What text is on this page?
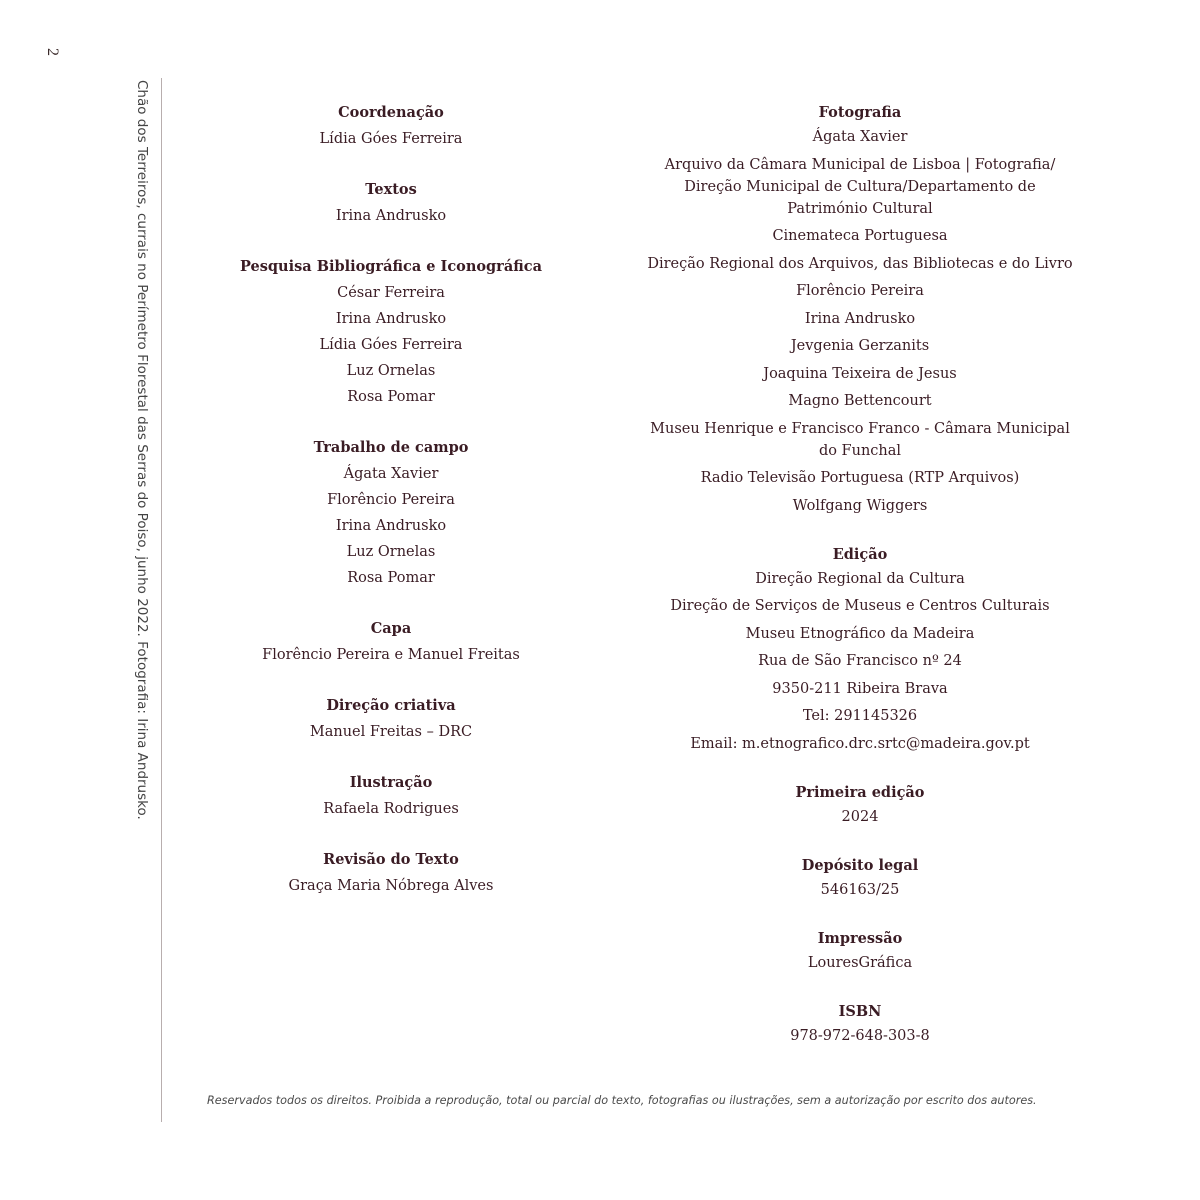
2
Chão dos Terreiros, currais no Perímetro Florestal das Serras do Poiso, junho 2022. Fotografia: Irina Andrusko.	Coordenação
Lídia Góes Ferreira
Textos
Irina Andrusko
Pesquisa Bibliográfica e Iconográfica
César Ferreira
Irina Andrusko
Lídia Góes Ferreira
Luz Ornelas
Rosa Pomar
Trabalho de campo
Ágata Xavier
Florêncio Pereira
Irina Andrusko
Luz Ornelas
Rosa Pomar
Capa
Florêncio Pereira e Manuel Freitas
Direção criativa
Manuel Freitas – DRC
Ilustração
Rafaela Rodrigues
Revisão do Texto
Graça Maria Nóbrega Alves
Fotografia
Ágata Xavier
Arquivo da Câmara Municipal de Lisboa | Fotografia/
Direção Municipal de Cultura/Departamento de
Património Cultural
Cinemateca Portuguesa
Direção Regional dos Arquivos, das Bibliotecas e do Livro
Florêncio Pereira
Irina Andrusko
Jevgenia Gerzanits
Joaquina Teixeira de Jesus
Magno Bettencourt
Museu Henrique e Francisco Franco - Câmara Municipal
do Funchal
Radio Televisão Portuguesa (RTP Arquivos)
Wolfgang Wiggers
Edição
Direção Regional da Cultura
Direção de Serviços de Museus e Centros Culturais
Museu Etnográfico da Madeira
Rua de São Francisco nº 24
9350-211 Ribeira Brava
Tel: 291145326
Email: m.etnografico.drc.srtc@madeira.gov.pt
Primeira edição
2024
Depósito legal
546163/25
Impressão
LouresGráfica
ISBN
978-972-648-303-8
Reservados todos os direitos. Proibida a reprodução, total ou parcial do texto, fotografias ou ilustrações, sem a autorização por escrito dos autores.
